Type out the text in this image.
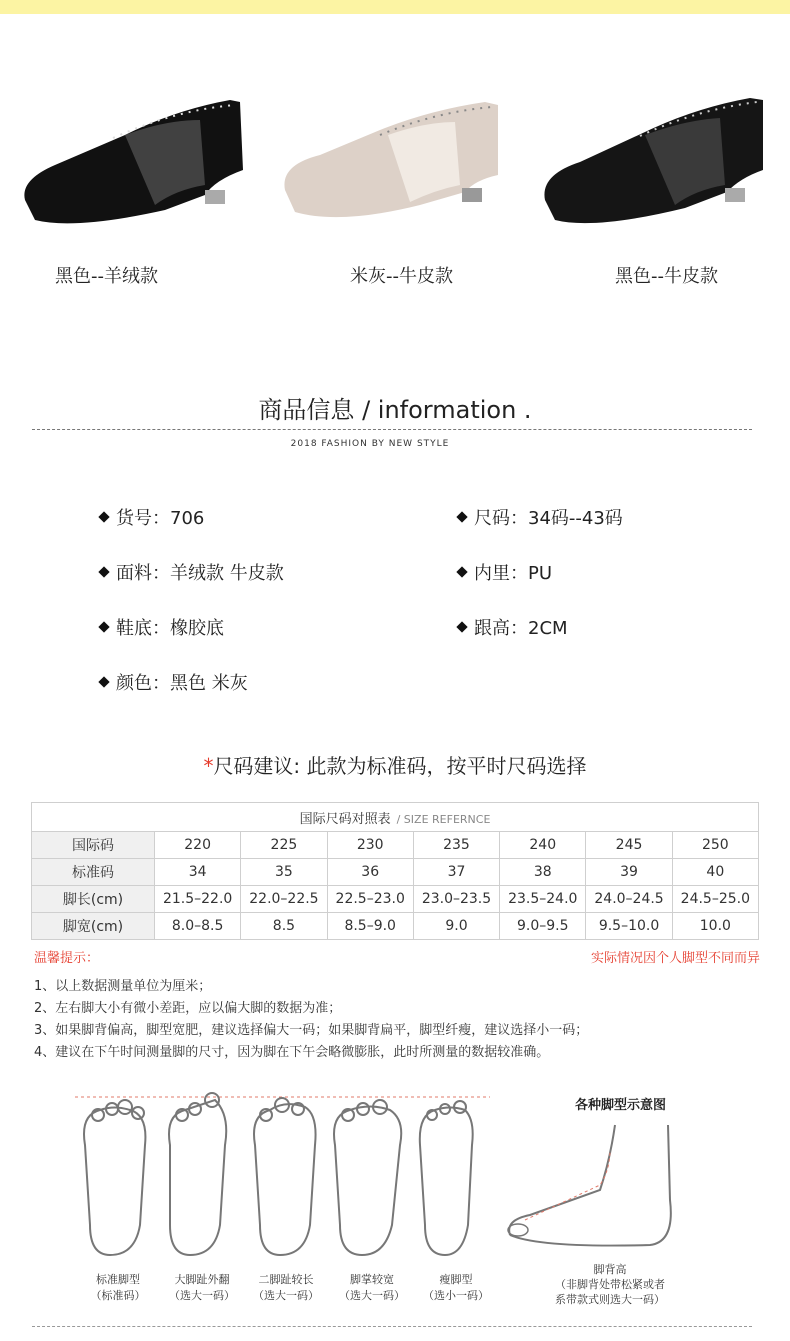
黑色--羊绒款	米灰--牛皮款	黑色--牛皮款
商品信息 / information .
2018 FASHION BY NEW STYLE
货号：706	尺码：34码--43码
面料：羊绒款 牛皮款	内里：PU
鞋底：橡胶底	跟高：2CM
颜色：黑色 米灰
*尺码建议: 此款为标准码，按平时尺码选择
国际尺码对照表 / SIZE REFERNCE							
国际码	220	225	230	235	240	245	250
标准码	34	35	36	37	38	39	40
脚长(cm)	21.5–22.0	22.0–22.5	22.5–23.0	23.0–23.5	23.5–24.0	24.0–24.5	24.5–25.0
脚宽(cm)	8.0–8.5	8.5	8.5–9.0	9.0	9.0–9.5	9.5–10.0	10.0
温馨提示：	实际情况因个人脚型不同而异
1、以上数据测量单位为厘米；
2、左右脚大小有微小差距，应以偏大脚的数据为准；
3、如果脚背偏高，脚型宽肥，建议选择偏大一码；如果脚背扁平，脚型纤瘦，建议选择小一码；
4、建议在下午时间测量脚的尺寸，因为脚在下午会略微膨胀，此时所测量的数据较准确。
标准脚型
（标准码）
大脚趾外翻
（选大一码）
二脚趾较长
（选大一码）
脚掌较宽
（选大一码）
瘦脚型
（选小一码）
各种脚型示意图
脚背高
（非脚背处带松紧或者
系带款式则选大一码）
